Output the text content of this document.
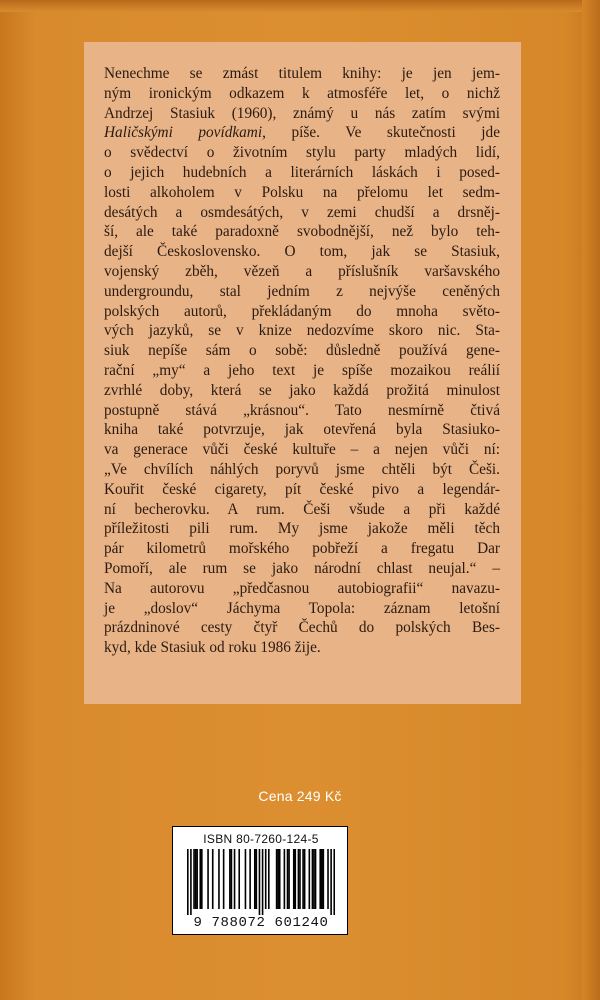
Nenechme se zmást titulem knihy: je jen jem-
ným ironickým odkazem k atmosféře let, o nichž
Andrzej Stasiuk (1960), známý u nás zatím svými
Haličskými povídkami, píše. Ve skutečnosti jde
o svědectví o životním stylu party mladých lidí,
o jejich hudebních a literárních láskách i posed-
losti alkoholem v Polsku na přelomu let sedm-
desátých a osmdesátých, v zemi chudší a drsněj-
ší, ale také paradoxně svobodnější, než bylo teh-
dejší Československo. O tom, jak se Stasiuk,
vojenský zběh, vězeň a příslušník varšavského
undergroundu, stal jedním z nejvýše ceněných
polských autorů, překládaným do mnoha světo-
vých jazyků, se v knize nedozvíme skoro nic. Sta-
siuk nepíše sám o sobě: důsledně používá gene-
rační „my“ a jeho text je spíše mozaikou reálií
zvrhlé doby, která se jako každá prožitá minulost
postupně stává „krásnou“. Tato nesmírně čtivá
kniha také potvrzuje, jak otevřená byla Stasiuko-
va generace vůči české kultuře – a nejen vůči ní:
„Ve chvílích náhlých poryvů jsme chtěli být Češi.
Kouřit české cigarety, pít české pivo a legendár-
ní becherovku. A rum. Češi všude a při každé
příležitosti pili rum. My jsme jakože měli těch
pár kilometrů mořského pobřeží a fregatu Dar
Pomoří, ale rum se jako národní chlast neujal.“ –
Na autorovu „předčasnou autobiografii“ navazu-
je „doslov“ Jáchyma Topola: záznam letošní
prázdninové cesty čtyř Čechů do polských Bes-
kyd, kde Stasiuk od roku 1986 žije.

Cena 249 Kč
ISBN 80-7260-124-5
9 788072 601240
